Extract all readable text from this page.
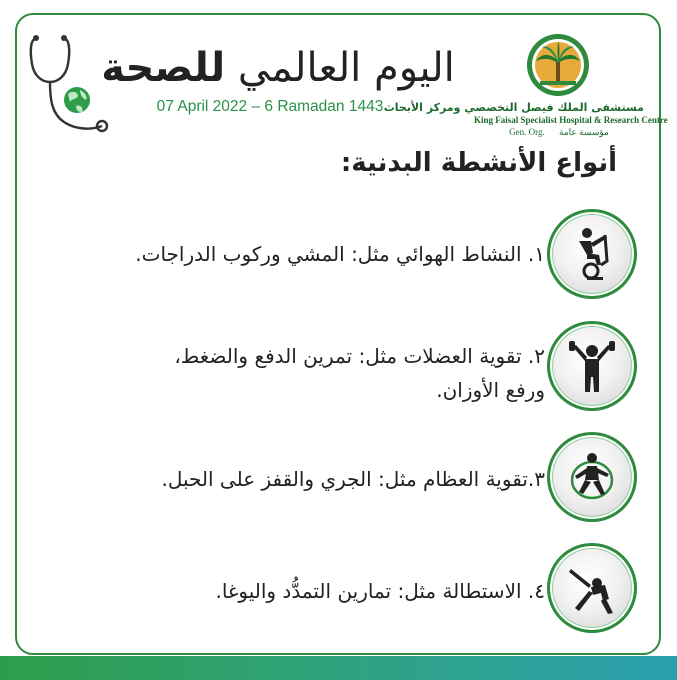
اليوم العالمي للصحة
07 April 2022 – 6 Ramadan 1443 مستشفى الملك فيصل التخصصي ومركز الأبحاث
King Faisal Specialist Hospital & Research Centre
Gen. Org. مؤسسة عامة
أنواع الأنشطة البدنية:
١. النشاط الهوائي مثل: المشي وركوب الدراجات.
٢. تقوية العضلات مثل: تمرين الدفع والضغط،
ورفع الأوزان.
٣.تقوية العظام مثل: الجري والقفز على الحبل.
٤. الاستطالة مثل: تمارين التمدُّد واليوغا.
